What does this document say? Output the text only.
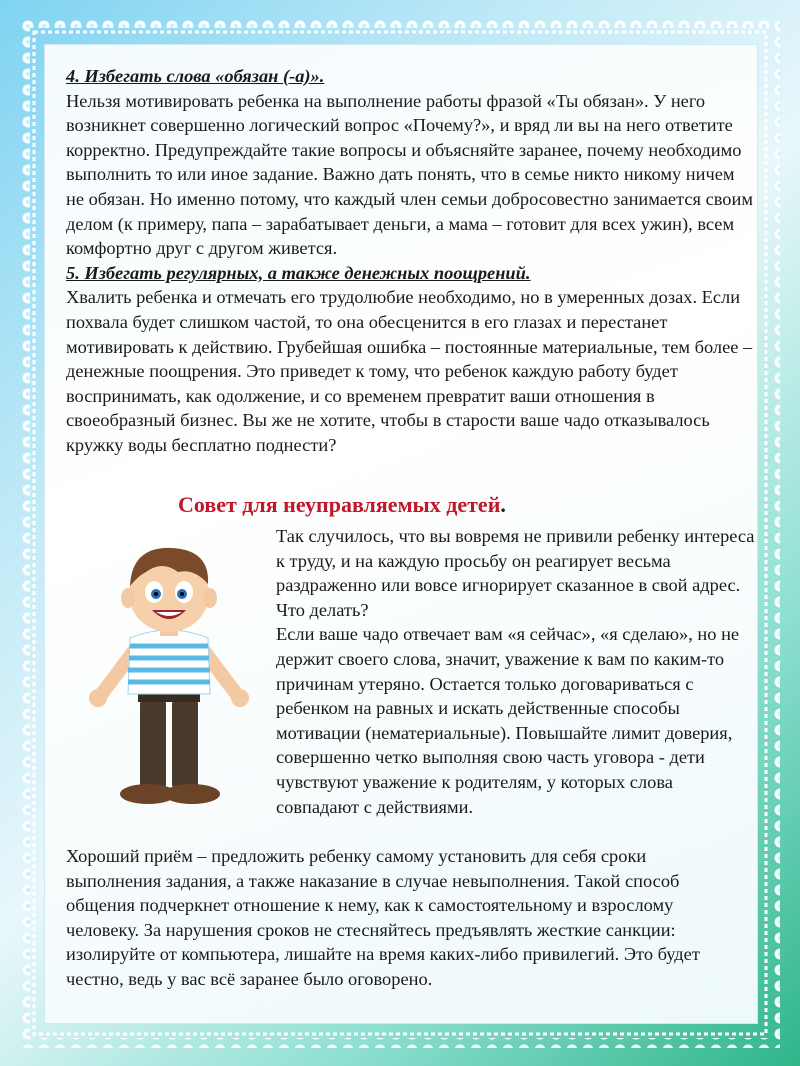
4. Избегать слова «обязан (-а)».

Нельзя мотивировать ребенка на выполнение работы фразой «Ты обязан». У него возникнет совершенно логический вопрос «Почему?», и вряд ли вы на него ответите корректно. Предупреждайте такие вопросы и объясняйте заранее, почему необходимо выполнить то или иное задание. Важно дать понять, что в семье никто никому ничем не обязан. Но именно потому, что каждый член семьи добросовестно занимается своим делом (к примеру, папа – зарабатывает деньги, а мама – готовит для всех ужин), всем комфортно друг с другом живется.

5. Избегать регулярных, а также денежных поощрений.

Хвалить ребенка и отмечать его трудолюбие необходимо, но в умеренных дозах. Если похвала будет слишком частой, то она обесценится в его глазах и перестанет мотивировать к действию. Грубейшая ошибка – постоянные материальные, тем более – денежные поощрения. Это приведет к тому, что ребенок каждую работу будет воспринимать, как одолжение, и со временем превратит ваши отношения в своеобразный бизнес. Вы же не хотите, чтобы в старости ваше чадо отказывалось кружку воды бесплатно поднести?

Совет для неуправляемых детей.

Так случилось, что вы вовремя не привили ребенку интереса к труду, и на каждую просьбу он реагирует весьма раздраженно или вовсе игнорирует сказанное в свой адрес. Что делать?

Если ваше чадо отвечает вам «я сейчас», «я сделаю», но не держит своего слова, значит, уважение к вам по каким-то причинам утеряно. Остается только договариваться с ребенком на равных и искать действенные способы мотивации (нематериальные). Повышайте лимит доверия, совершенно четко выполняя свою часть уговора - дети чувствуют уважение к родителям, у которых слова совпадают с действиями.

Хороший приём – предложить ребенку самому установить для себя сроки выполнения задания, а также наказание в случае невыполнения. Такой способ общения подчеркнет отношение к нему, как к самостоятельному и взрослому человеку. За нарушения сроков не стесняйтесь предъявлять жесткие санкции: изолируйте от компьютера, лишайте на время каких-либо привилегий. Это будет честно, ведь у вас всё заранее было оговорено.
